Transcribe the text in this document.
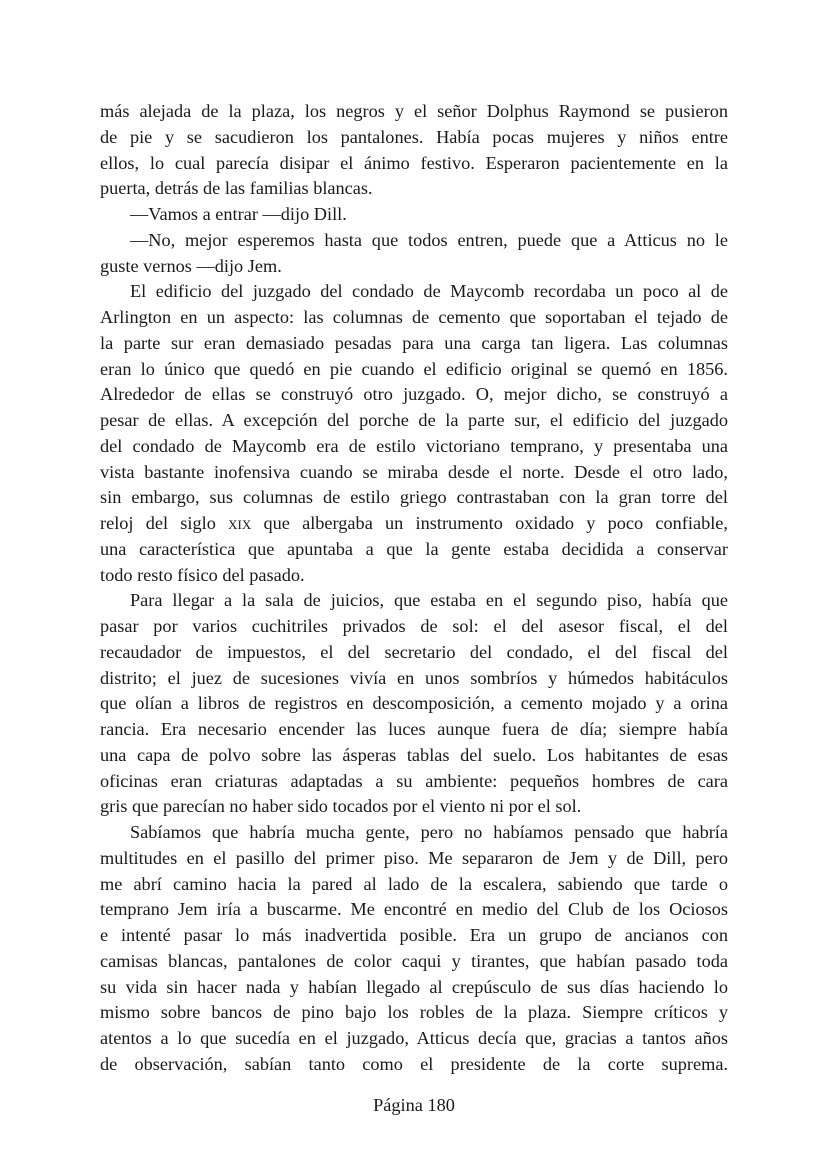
más alejada de la plaza, los negros y el señor Dolphus Raymond se pusieron
de pie y se sacudieron los pantalones. Había pocas mujeres y niños entre
ellos, lo cual parecía disipar el ánimo festivo. Esperaron pacientemente en la
puerta, detrás de las familias blancas.
—Vamos a entrar —dijo Dill.
—No, mejor esperemos hasta que todos entren, puede que a Atticus no le
guste vernos —dijo Jem.
El edificio del juzgado del condado de Maycomb recordaba un poco al de
Arlington en un aspecto: las columnas de cemento que soportaban el tejado de
la parte sur eran demasiado pesadas para una carga tan ligera. Las columnas
eran lo único que quedó en pie cuando el edificio original se quemó en 1856.
Alrededor de ellas se construyó otro juzgado. O, mejor dicho, se construyó a
pesar de ellas. A excepción del porche de la parte sur, el edificio del juzgado
del condado de Maycomb era de estilo victoriano temprano, y presentaba una
vista bastante inofensiva cuando se miraba desde el norte. Desde el otro lado,
sin embargo, sus columnas de estilo griego contrastaban con la gran torre del
reloj del siglo xix que albergaba un instrumento oxidado y poco confiable,
una característica que apuntaba a que la gente estaba decidida a conservar
todo resto físico del pasado.
Para llegar a la sala de juicios, que estaba en el segundo piso, había que
pasar por varios cuchitriles privados de sol: el del asesor fiscal, el del
recaudador de impuestos, el del secretario del condado, el del fiscal del
distrito; el juez de sucesiones vivía en unos sombríos y húmedos habitáculos
que olían a libros de registros en descomposición, a cemento mojado y a orina
rancia. Era necesario encender las luces aunque fuera de día; siempre había
una capa de polvo sobre las ásperas tablas del suelo. Los habitantes de esas
oficinas eran criaturas adaptadas a su ambiente: pequeños hombres de cara
gris que parecían no haber sido tocados por el viento ni por el sol.
Sabíamos que habría mucha gente, pero no habíamos pensado que habría
multitudes en el pasillo del primer piso. Me separaron de Jem y de Dill, pero
me abrí camino hacia la pared al lado de la escalera, sabiendo que tarde o
temprano Jem iría a buscarme. Me encontré en medio del Club de los Ociosos
e intenté pasar lo más inadvertida posible. Era un grupo de ancianos con
camisas blancas, pantalones de color caqui y tirantes, que habían pasado toda
su vida sin hacer nada y habían llegado al crepúsculo de sus días haciendo lo
mismo sobre bancos de pino bajo los robles de la plaza. Siempre críticos y
atentos a lo que sucedía en el juzgado, Atticus decía que, gracias a tantos años
de observación, sabían tanto como el presidente de la corte suprema.
Página 180
